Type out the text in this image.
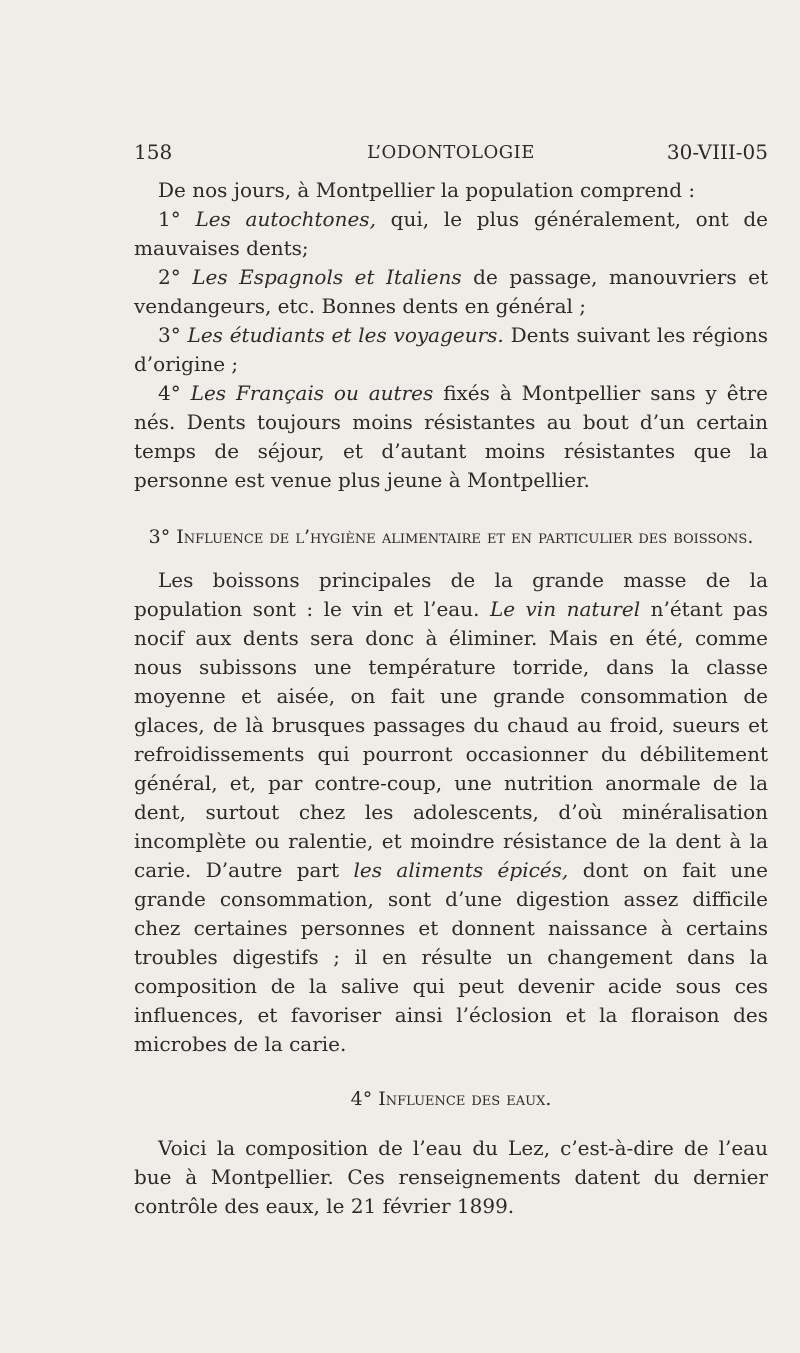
158	L’ODONTOLOGIE	30-VIII-05

De nos jours, à Montpellier la population comprend :

1° Les autochtones, qui, le plus généralement, ont de mauvaises dents;

2° Les Espagnols et Italiens de passage, manouvriers et vendangeurs, etc. Bonnes dents en général ;

3° Les étudiants et les voyageurs. Dents suivant les régions d’origine ;

4° Les Français ou autres fixés à Montpellier sans y être nés. Dents toujours moins résistantes au bout d’un certain temps de séjour, et d’autant moins résistantes que la personne est venue plus jeune à Montpellier.

3° Influence de l’hygiène alimentaire et en particulier des boissons.

Les boissons principales de la grande masse de la population sont : le vin et l’eau. Le vin naturel n’étant pas nocif aux dents sera donc à éliminer. Mais en été, comme nous subissons une température torride, dans la classe moyenne et aisée, on fait une grande consommation de glaces, de là brusques passages du chaud au froid, sueurs et refroidissements qui pourront occasionner du débilitement général, et, par contre-coup, une nutrition anormale de la dent, surtout chez les adolescents, d’où minéralisation incomplète ou ralentie, et moindre résistance de la dent à la carie. D’autre part les aliments épicés, dont on fait une grande consommation, sont d’une digestion assez difficile chez certaines personnes et donnent naissance à certains troubles digestifs ; il en résulte un changement dans la composition de la salive qui peut devenir acide sous ces influences, et favoriser ainsi l’éclosion et la floraison des microbes de la carie.

4° Influence des eaux.

Voici la composition de l’eau du Lez, c’est-à-dire de l’eau bue à Montpellier. Ces renseignements datent du dernier contrôle des eaux, le 21 février 1899.
